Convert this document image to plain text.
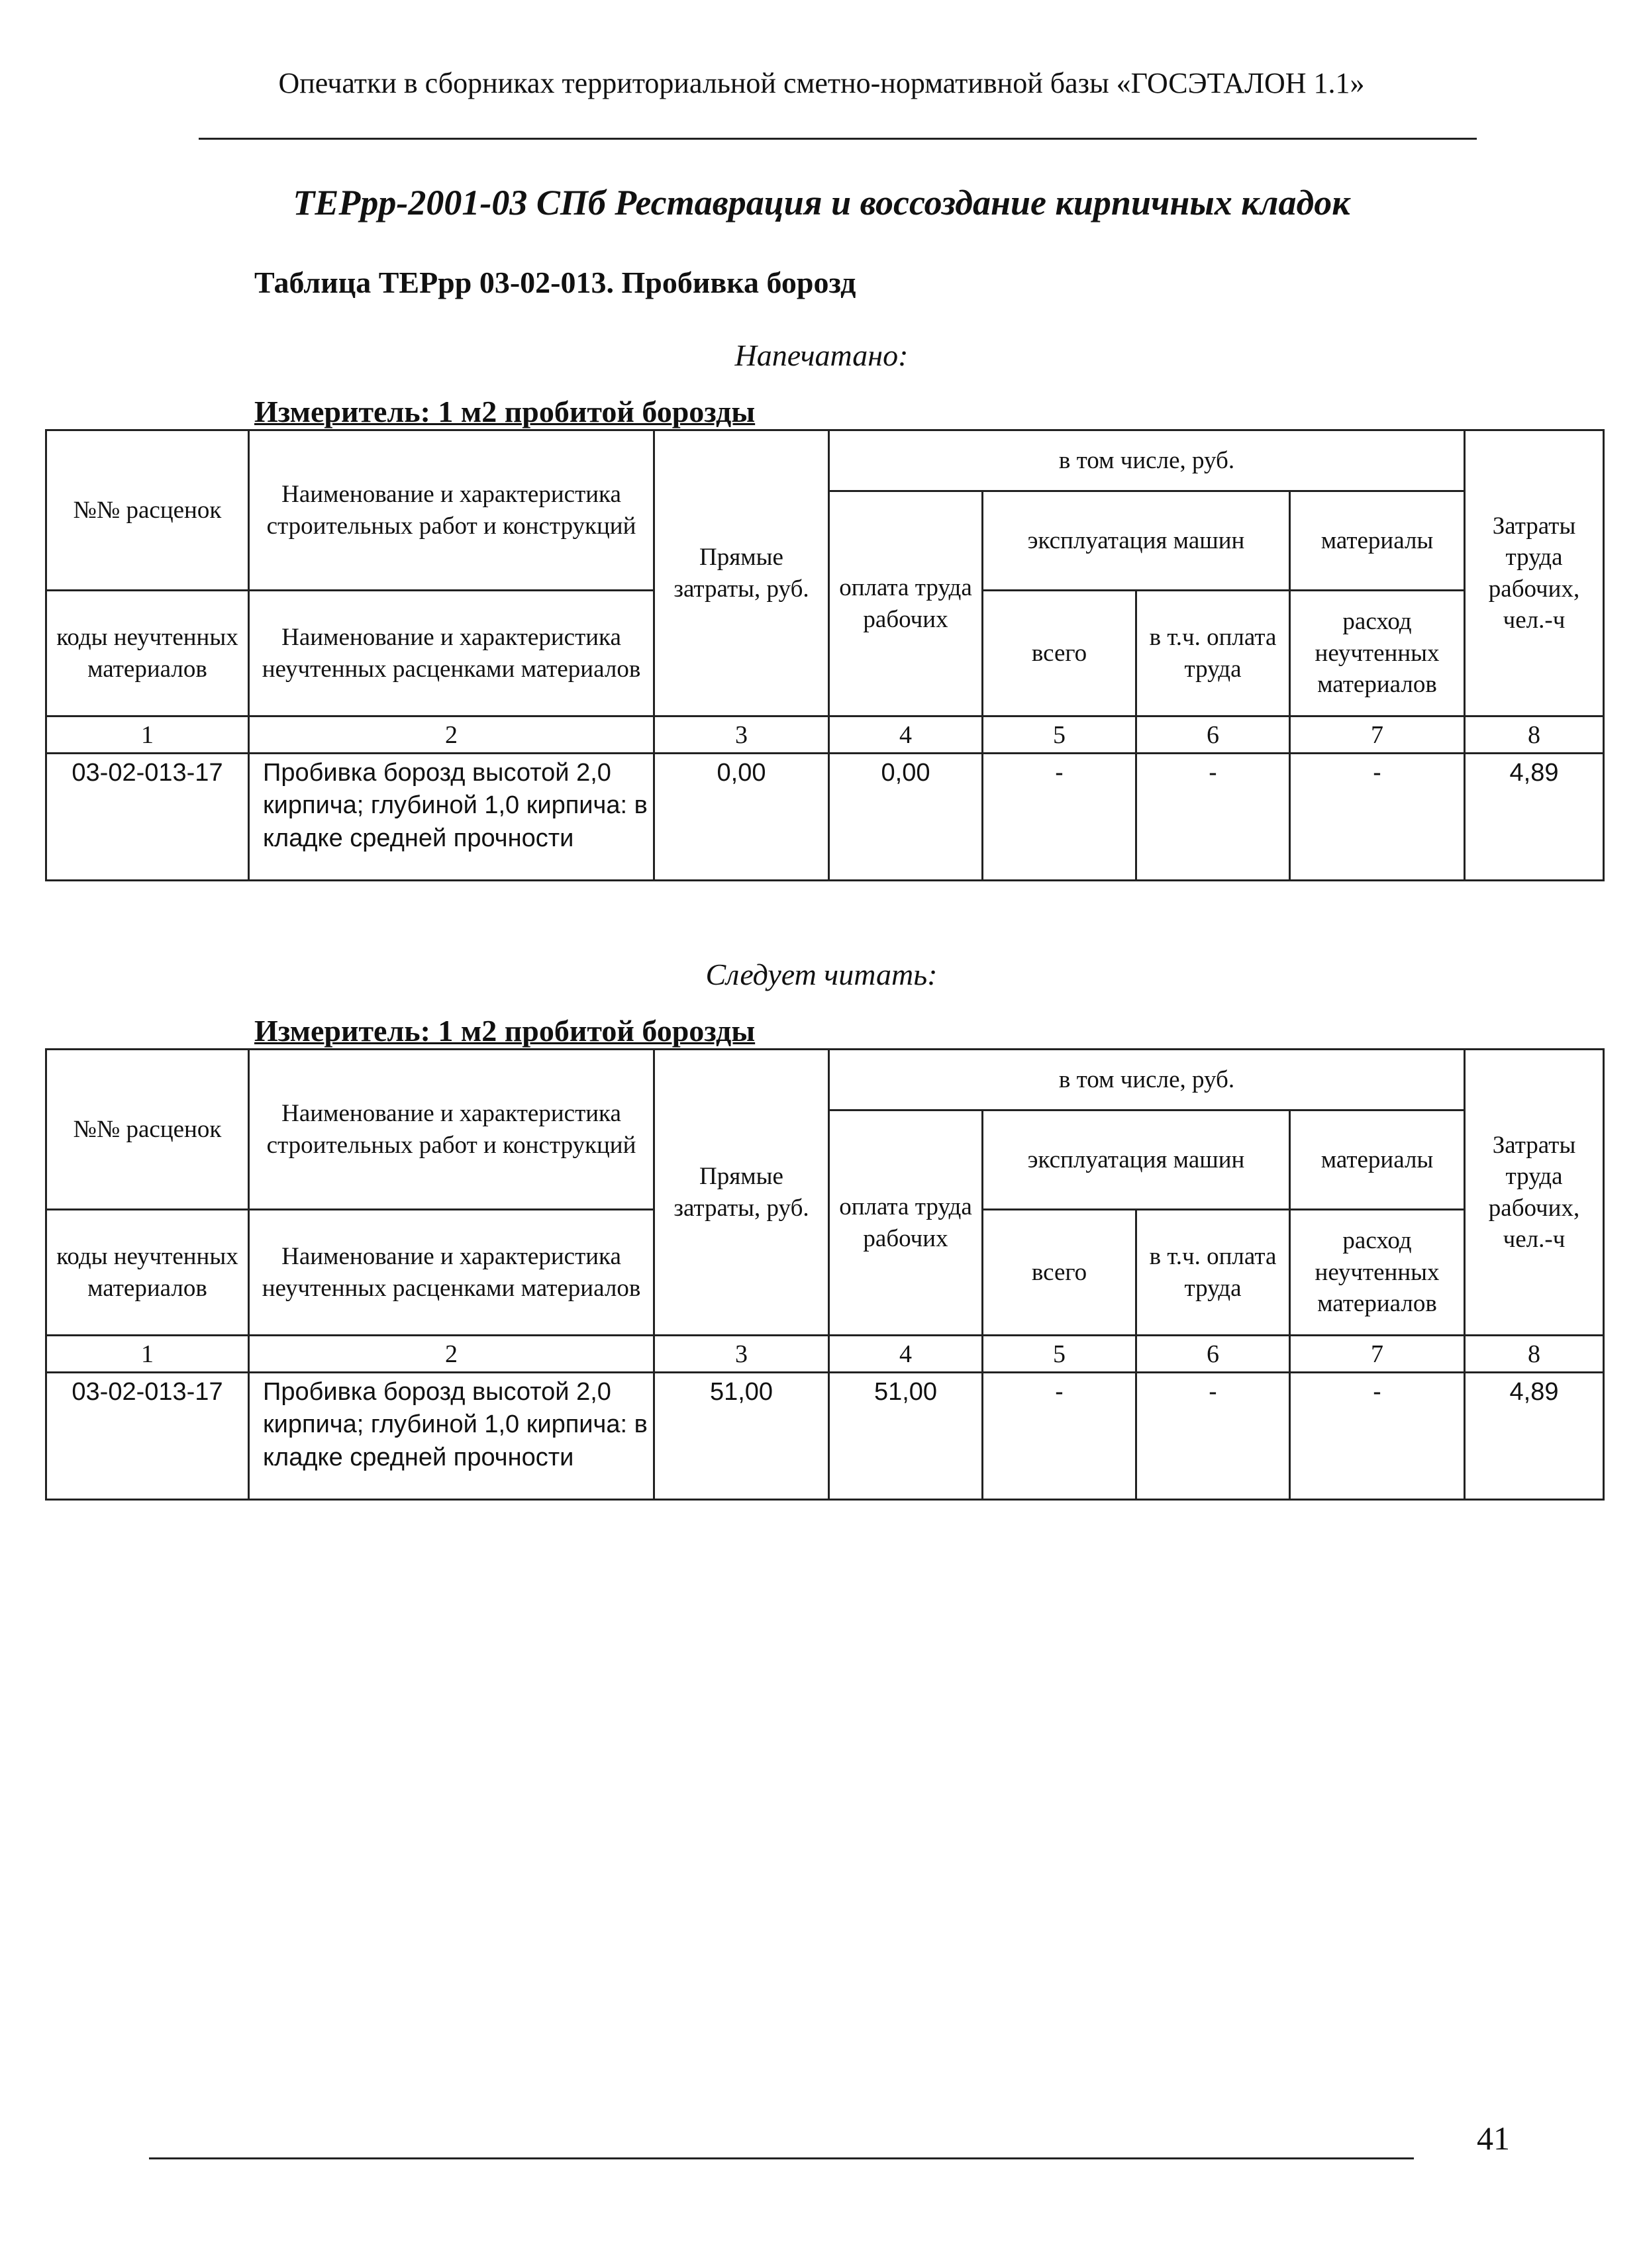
Опечатки в сборниках территориальной сметно-нормативной базы «ГОСЭТАЛОН 1.1»
ТЕРрр-2001-03 СПб Реставрация и воссоздание кирпичных кладок
Таблица ТЕРрр 03-02-013. Пробивка борозд
Напечатано:
Измеритель: 1 м2 пробитой борозды
№№ расценок	Наименование и характеристика строительных работ и конструкций	Прямые затраты, руб.	в том числе, руб.				Затраты труда рабочих, чел.-ч
			оплата труда рабочих	эксплуатация машин		материалы	
коды неучтенных материалов	Наименование и характеристика неучтенных расценками материалов			всего	в т.ч. оплата труда	расход неучтенных материалов	
1	2	3	4	5	6	7	8
03-02-013-17	Пробивка борозд высотой 2,0 кирпича; глубиной 1,0 кирпича: в кладке средней прочности	0,00	0,00	-	-	-	4,89
Следует читать:
Измеритель: 1 м2 пробитой борозды
№№ расценок	Наименование и характеристика строительных работ и конструкций	Прямые затраты, руб.	в том числе, руб.				Затраты труда рабочих, чел.-ч
			оплата труда рабочих	эксплуатация машин		материалы	
коды неучтенных материалов	Наименование и характеристика неучтенных расценками материалов			всего	в т.ч. оплата труда	расход неучтенных материалов	
1	2	3	4	5	6	7	8
03-02-013-17	Пробивка борозд высотой 2,0 кирпича; глубиной 1,0 кирпича: в кладке средней прочности	51,00	51,00	-	-	-	4,89
41
